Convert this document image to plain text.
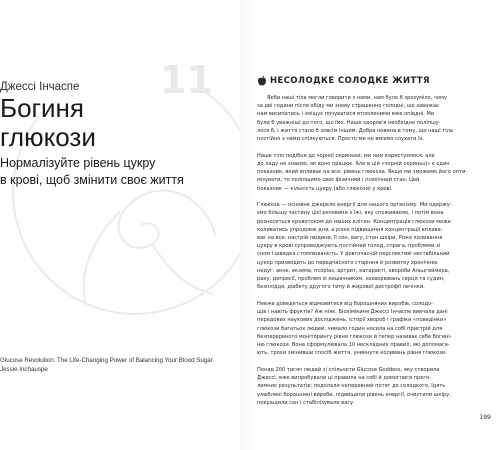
11
Джессі Інчаспе
Богиня
глюкози

Нормалізуйте рівень цукру
в крові, щоб змінити своє життя

Glucose Revolution: The Life-Changing Power of Balancing Your Blood Sugar
Jessie Inchauspe
НЕСОЛОДКЕ СОЛОДКЕ ЖИТТЯ
Якби наші тіла могли говорити з нами, нам було б зрозуміло, чому
за дві години після обіду ми знову страшенно голодні, що заважає
нам висипатись і зміщує почуватися втомленими вже опівдні. Ми
були б уважніші до того, що їмо. Наше здоров'я необхідно поліпшу-
лося б, і життя стало б зовсім іншим. Добра новина в тому, що наші тіла
постійно з нами спілкуються. Просто ми не вміємо слухати їх.
Наше тіло подібне до чорної скриньки: ми ним користуємося, але
до ладу не знаємо, як воно працює. Але в цій «чорній скриньці» є один
показник, який впливає на все: рівень глюкози. Якщо ми зможемо його опти-
мізувати, то поліпшимо своє фізичний і психічний стан. Цей
показник — кількість цукру (або глюкози) у крові.
Глюкоза — основне джерело енергії для нашого організму. Ми одержу-
ємо більшу частину цієї речовини з їжі, яку споживаємо, і потім вона
розноситься кровотоком до наших клітин. Концентрація глюкози може
коливатись упродовж дня, а різке підвищення концентрації вплива-
ває на все: настрій людини, її сон, вагу, стан шкіри. Різке коливання
цукру в крові супроводжують постійний голод, спрага, проблеми зі
сном і швидка стомлюваність. У довгочасній перспективі нестабільний
цукор призводить до передчасного старіння й розвитку хронічних
недуг: акне, екзема, псоріаз, артрит, катаракті, хвороби Альцгеймера,
раку, депресії, проблем зі кишечником, захворювань серця та судин,
безпліддя, діабету другого типу й жирової дистрофії печінки.
Невже доведеться відмовитися від борошняних виробів, солодо-
щів і навіть фруктів? Аж ніяк. Біохімікиня Джессі Інчаспе вивчала дані
передових наукових досліджень, історії хвороб і графіки «поведінки»
глюкози багатьох людей, чимало годин носила на собі пристрій для
безперервного моніторингу рівня глюкози й тепер називає себе богині-
ню глюкози. Вона сформулювала 10 нескладних правил, які допомага-
ють, трохи змінивши спосіб життя, уникнути коливань рівня глюкози.
Понад 200 тисяч людей зі спільноти Glucose Goddess, яку створила
Джессі, вже випробували ці правила на собі й домоглися прего-
лемних результатів: подолали неперевний потяг до солодкого, їдять
улюблені борошняні вироби, підвищили рівень енергії, очистили шкіру,
покращили сон і стабілізували вагу.
199
